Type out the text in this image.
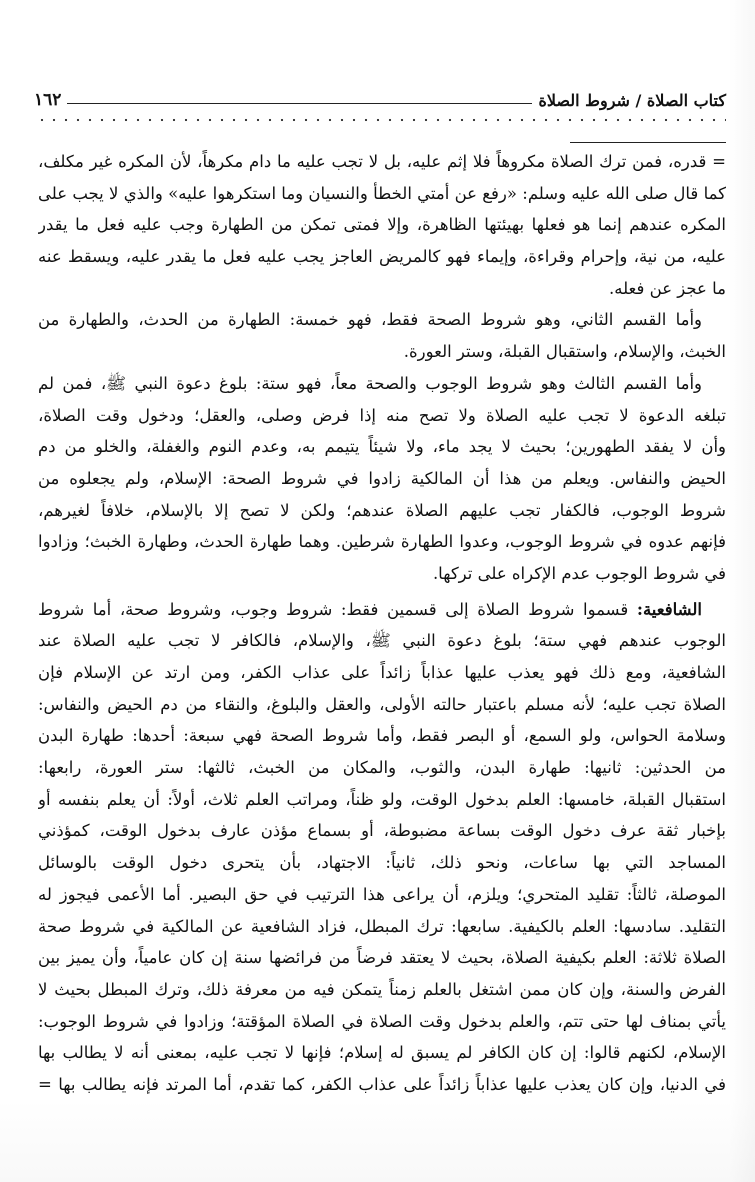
كتاب الصلاة / شروط الصلاة
١٦٢
= قدره، فمن ترك الصلاة مكروهاً فلا إثم عليه، بل لا تجب عليه ما دام مكرهاً، لأن المكره غير مكلف،
كما قال صلى الله عليه وسلم: «رفع عن أمتي الخطأ والنسيان وما استكرهوا عليه» والذي لا يجب على
المكره عندهم إنما هو فعلها بهيئتها الظاهرة، وإلا فمتى تمكن من الطهارة وجب عليه فعل ما يقدر
عليه، من نية، وإحرام وقراءة، وإيماء فهو كالمريض العاجز يجب عليه فعل ما يقدر عليه، ويسقط عنه
ما عجز عن فعله.
وأما القسم الثاني، وهو شروط الصحة فقط، فهو خمسة: الطهارة من الحدث، والطهارة من
الخبث، والإسلام، واستقبال القبلة، وستر العورة.
وأما القسم الثالث وهو شروط الوجوب والصحة معاً، فهو ستة: بلوغ دعوة النبي ﷺ، فمن لم
تبلغه الدعوة لا تجب عليه الصلاة ولا تصح منه إذا فرض وصلى، والعقل؛ ودخول وقت الصلاة،
وأن لا يفقد الطهورين؛ بحيث لا يجد ماء، ولا شيئاً يتيمم به، وعدم النوم والغفلة، والخلو من دم
الحيض والنفاس. ويعلم من هذا أن المالكية زادوا في شروط الصحة: الإسلام، ولم يجعلوه من
شروط الوجوب، فالكفار تجب عليهم الصلاة عندهم؛ ولكن لا تصح إلا بالإسلام، خلافاً لغيرهم،
فإنهم عدوه في شروط الوجوب، وعدوا الطهارة شرطين. وهما طهارة الحدث، وطهارة الخبث؛ وزادوا
في شروط الوجوب عدم الإكراه على تركها.
الشافعية: قسموا شروط الصلاة إلى قسمين فقط: شروط وجوب، وشروط صحة، أما شروط
الوجوب عندهم فهي ستة؛ بلوغ دعوة النبي ﷺ، والإسلام، فالكافر لا تجب عليه الصلاة عند
الشافعية، ومع ذلك فهو يعذب عليها عذاباً زائداً على عذاب الكفر، ومن ارتد عن الإسلام فإن
الصلاة تجب عليه؛ لأنه مسلم باعتبار حالته الأولى، والعقل والبلوغ، والنقاء من دم الحيض والنفاس:
وسلامة الحواس، ولو السمع، أو البصر فقط، وأما شروط الصحة فهي سبعة: أحدها: طهارة البدن
من الحدثين: ثانيها: طهارة البدن، والثوب، والمكان من الخبث، ثالثها: ستر العورة، رابعها:
استقبال القبلة، خامسها: العلم بدخول الوقت، ولو ظناً، ومراتب العلم ثلاث، أولاً: أن يعلم بنفسه أو
بإخبار ثقة عرف دخول الوقت بساعة مضبوطة، أو بسماع مؤذن عارف بدخول الوقت، كمؤذني
المساجد التي بها ساعات، ونحو ذلك، ثانياً: الاجتهاد، بأن يتحرى دخول الوقت بالوسائل
الموصلة، ثالثاً: تقليد المتحري؛ ويلزم، أن يراعى هذا الترتيب في حق البصير. أما الأعمى فيجوز له
التقليد. سادسها: العلم بالكيفية. سابعها: ترك المبطل، فزاد الشافعية عن المالكية في شروط صحة
الصلاة ثلاثة: العلم بكيفية الصلاة، بحيث لا يعتقد فرضاً من فرائضها سنة إن كان عامياً، وأن يميز بين
الفرض والسنة، وإن كان ممن اشتغل بالعلم زمناً يتمكن فيه من معرفة ذلك، وترك المبطل بحيث لا
يأتي بمناف لها حتى تتم، والعلم بدخول وقت الصلاة في الصلاة المؤقتة؛ وزادوا في شروط الوجوب:
الإسلام، لكنهم قالوا: إن كان الكافر لم يسبق له إسلام؛ فإنها لا تجب عليه، بمعنى أنه لا يطالب بها
في الدنيا، وإن كان يعذب عليها عذاباً زائداً على عذاب الكفر، كما تقدم، أما المرتد فإنه يطالب بها =
